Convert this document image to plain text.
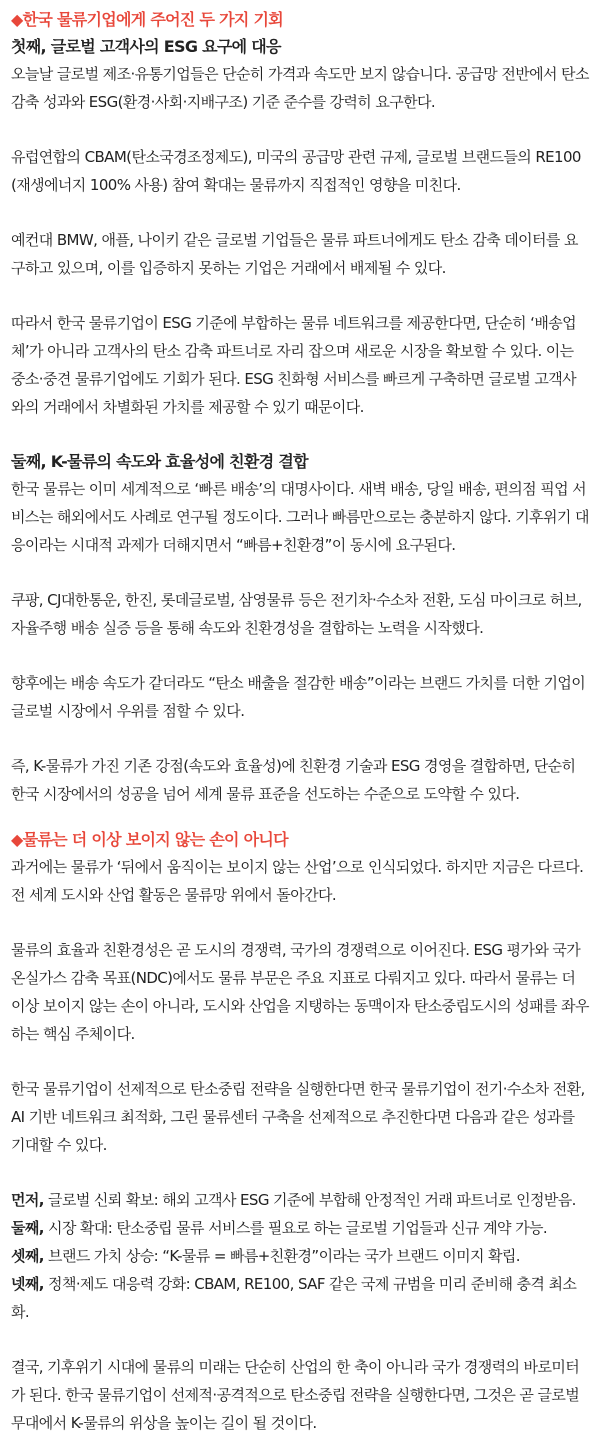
◆한국 물류기업에게 주어진 두 가지 기회
첫째, 글로벌 고객사의 ESG 요구에 대응

오늘날 글로벌 제조·유통기업들은 단순히 가격과 속도만 보지 않습니다. 공급망 전반에서 탄소 감축 성과와 ESG(환경·사회·지배구조) 기준 준수를 강력히 요구한다.

유럽연합의 CBAM(탄소국경조정제도), 미국의 공급망 관련 규제, 글로벌 브랜드들의 RE100(재생에너지 100% 사용) 참여 확대는 물류까지 직접적인 영향을 미친다.

예컨대 BMW, 애플, 나이키 같은 글로벌 기업들은 물류 파트너에게도 탄소 감축 데이터를 요구하고 있으며, 이를 입증하지 못하는 기업은 거래에서 배제될 수 있다.

따라서 한국 물류기업이 ESG 기준에 부합하는 물류 네트워크를 제공한다면, 단순히 ‘배송업체’가 아니라 고객사의 탄소 감축 파트너로 자리 잡으며 새로운 시장을 확보할 수 있다. 이는 중소·중견 물류기업에도 기회가 된다. ESG 친화형 서비스를 빠르게 구축하면 글로벌 고객사와의 거래에서 차별화된 가치를 제공할 수 있기 때문이다.

둘째, K-물류의 속도와 효율성에 친환경 결합

한국 물류는 이미 세계적으로 ‘빠른 배송’의 대명사이다. 새벽 배송, 당일 배송, 편의점 픽업 서비스는 해외에서도 사례로 연구될 정도이다. 그러나 빠름만으로는 충분하지 않다. 기후위기 대응이라는 시대적 과제가 더해지면서 “빠름+친환경”이 동시에 요구된다.

쿠팡, CJ대한통운, 한진, 롯데글로벌, 삼영물류 등은 전기차·수소차 전환, 도심 마이크로 허브, 자율주행 배송 실증 등을 통해 속도와 친환경성을 결합하는 노력을 시작했다.

향후에는 배송 속도가 같더라도 “탄소 배출을 절감한 배송”이라는 브랜드 가치를 더한 기업이 글로벌 시장에서 우위를 점할 수 있다.

즉, K-물류가 가진 기존 강점(속도와 효율성)에 친환경 기술과 ESG 경영을 결합하면, 단순히 한국 시장에서의 성공을 넘어 세계 물류 표준을 선도하는 수준으로 도약할 수 있다.

◆물류는 더 이상 보이지 않는 손이 아니다

과거에는 물류가 ‘뒤에서 움직이는 보이지 않는 산업’으로 인식되었다. 하지만 지금은 다르다. 전 세계 도시와 산업 활동은 물류망 위에서 돌아간다.

물류의 효율과 친환경성은 곧 도시의 경쟁력, 국가의 경쟁력으로 이어진다. ESG 평가와 국가 온실가스 감축 목표(NDC)에서도 물류 부문은 주요 지표로 다뤄지고 있다. 따라서 물류는 더 이상 보이지 않는 손이 아니라, 도시와 산업을 지탱하는 동맥이자 탄소중립도시의 성패를 좌우하는 핵심 주체이다.

한국 물류기업이 선제적으로 탄소중립 전략을 실행한다면 한국 물류기업이 전기·수소차 전환, AI 기반 네트워크 최적화, 그린 물류센터 구축을 선제적으로 추진한다면 다음과 같은 성과를 기대할 수 있다.

먼저, 글로벌 신뢰 확보: 해외 고객사 ESG 기준에 부합해 안정적인 거래 파트너로 인정받음.

둘째, 시장 확대: 탄소중립 물류 서비스를 필요로 하는 글로벌 기업들과 신규 계약 가능.

셋째, 브랜드 가치 상승: “K-물류 = 빠름+친환경”이라는 국가 브랜드 이미지 확립.

넷째, 정책·제도 대응력 강화: CBAM, RE100, SAF 같은 국제 규범을 미리 준비해 충격 최소화.

결국, 기후위기 시대에 물류의 미래는 단순히 산업의 한 축이 아니라 국가 경쟁력의 바로미터가 된다. 한국 물류기업이 선제적·공격적으로 탄소중립 전략을 실행한다면, 그것은 곧 글로벌 무대에서 K-물류의 위상을 높이는 길이 될 것이다.
